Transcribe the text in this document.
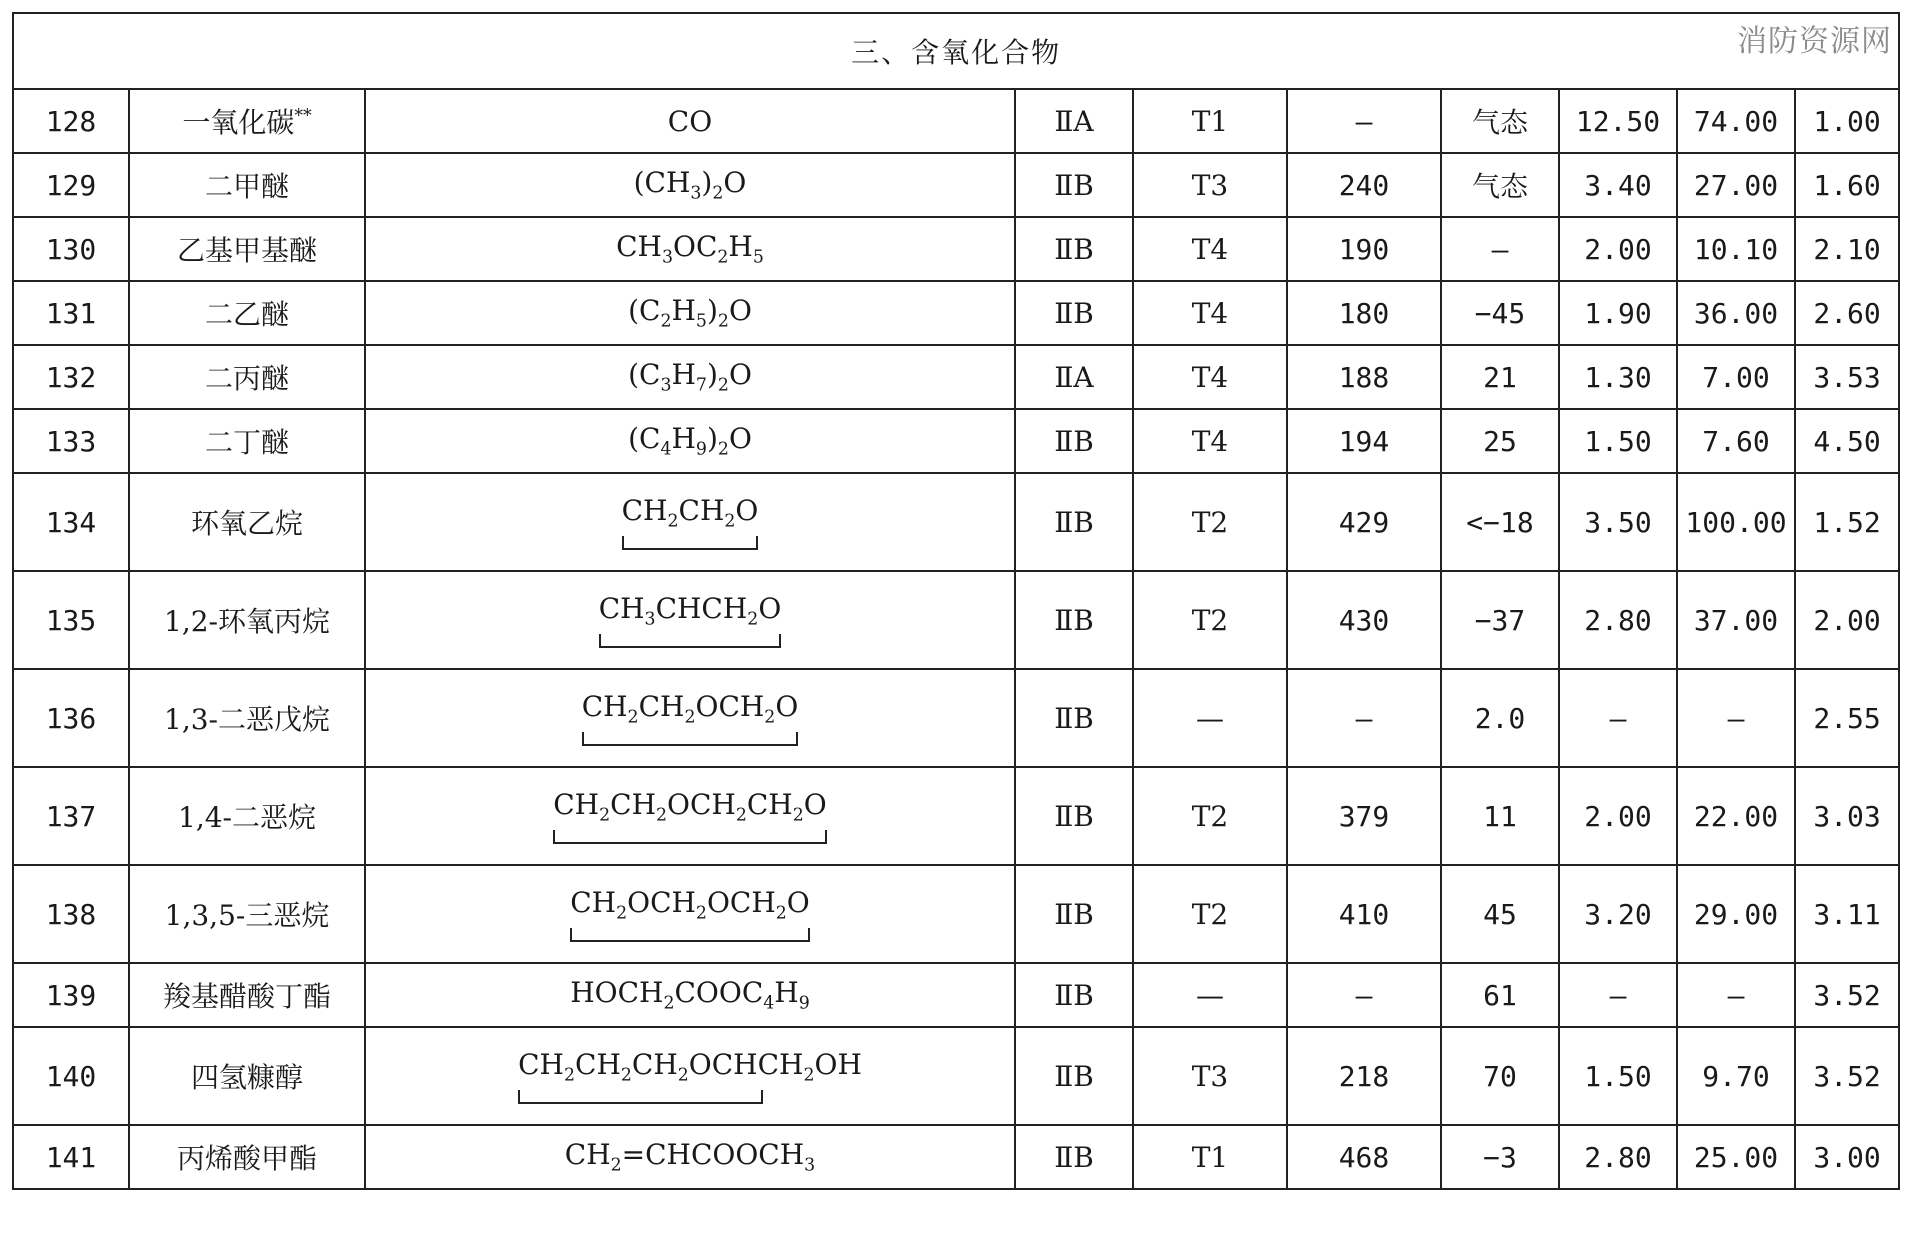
消防资源网
三、含氧化合物									
128	一氧化碳**	CO	ⅡA	T1	—	气态	12.50	74.00	1.00
129	二甲醚	$(CH_3)_2O$	ⅡB	T3	240	气态	3.40	27.00	1.60
130	乙基甲基醚	$CH_3OC_2H_5$	ⅡB	T4	190	—	2.00	10.10	2.10
131	二乙醚	$(C_2H_5)_2O$	ⅡB	T4	180	−45	1.90	36.00	2.60
132	二丙醚	$(C_3H_7)_2O$	ⅡA	T4	188	21	1.30	7.00	3.53
133	二丁醚	$(C_4H_9)_2O$	ⅡB	T4	194	25	1.50	7.60	4.50
134	环氧乙烷	$CH_2CH_2O$	ⅡB	T2	429	<−18	3.50	100.00	1.52
135	1,2-环氧丙烷	$CH_3CHCH_2O$	ⅡB	T2	430	−37	2.80	37.00	2.00
136	1,3-二恶戊烷	$CH_2CH_2OCH_2O$	ⅡB	—	—	2.0	—	—	2.55
137	1,4-二恶烷	$CH_2CH_2OCH_2CH_2O$	ⅡB	T2	379	11	2.00	22.00	3.03
138	1,3,5-三恶烷	$CH_2OCH_2OCH_2O$	ⅡB	T2	410	45	3.20	29.00	3.11
139	羧基醋酸丁酯	$HOCH_2COOC_4H_9$	ⅡB	—	—	61	—	—	3.52
140	四氢糠醇	$CH_2CH_2CH_2OCHCH_2OH$	ⅡB	T3	218	70	1.50	9.70	3.52
141	丙烯酸甲酯	$CH_2=CHCOOCH_3$	ⅡB	T1	468	−3	2.80	25.00	3.00
